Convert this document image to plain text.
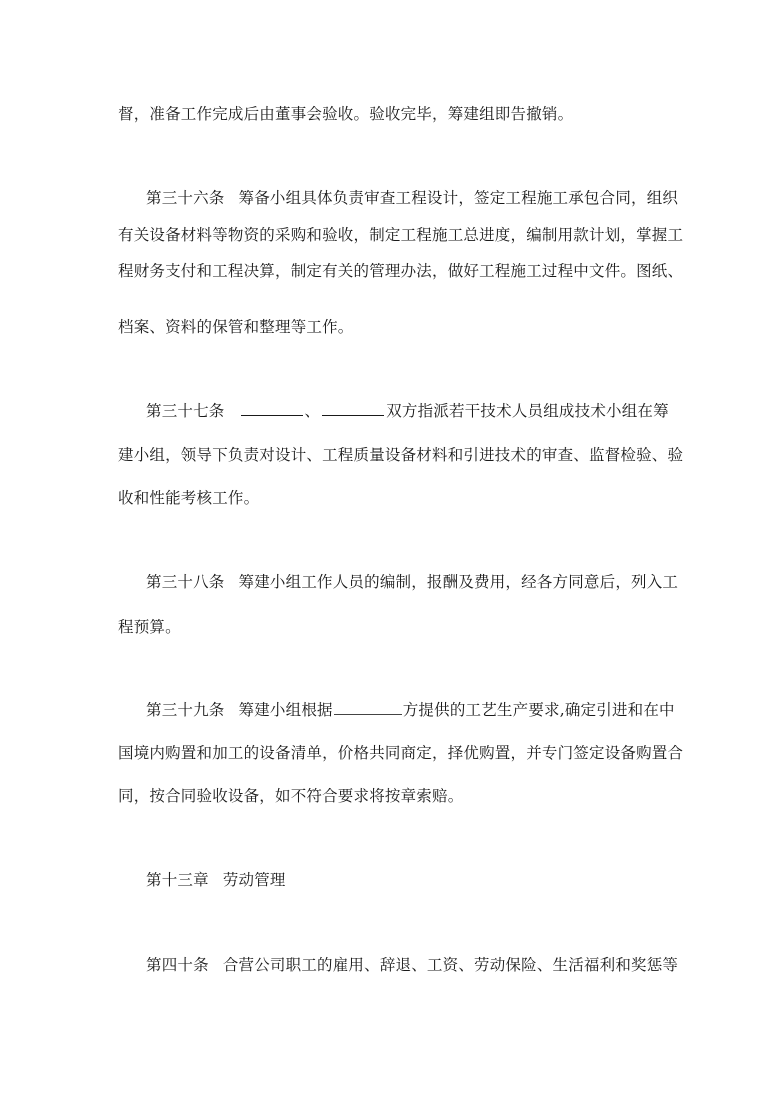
督，准备工作完成后由董事会验收。验收完毕，筹建组即告撤销。
第三十六条 筹备小组具体负责审查工程设计，签定工程施工承包合同，组织
有关设备材料等物资的采购和验收，制定工程施工总进度，编制用款计划，掌握工
程财务支付和工程决算，制定有关的管理办法，做好工程施工过程中文件。图纸、
档案、资料的保管和整理等工作。
第三十七条	、	双方指派若干技术人员组成技术小组在筹
建小组，领导下负责对设计、工程质量设备材料和引进技术的审查、监督检验、验
收和性能考核工作。
第三十八条 筹建小组工作人员的编制，报酬及费用，经各方同意后，列入工
程预算。
第三十九条 筹建小组根据	方提供的工艺生产要求,确定引进和在中
国境内购置和加工的设备清单，价格共同商定，择优购置，并专门签定设备购置合
同，按合同验收设备，如不符合要求将按章索赔。
第十三章 劳动管理
第四十条 合营公司职工的雇用、辞退、工资、劳动保险、生活福利和奖惩等
